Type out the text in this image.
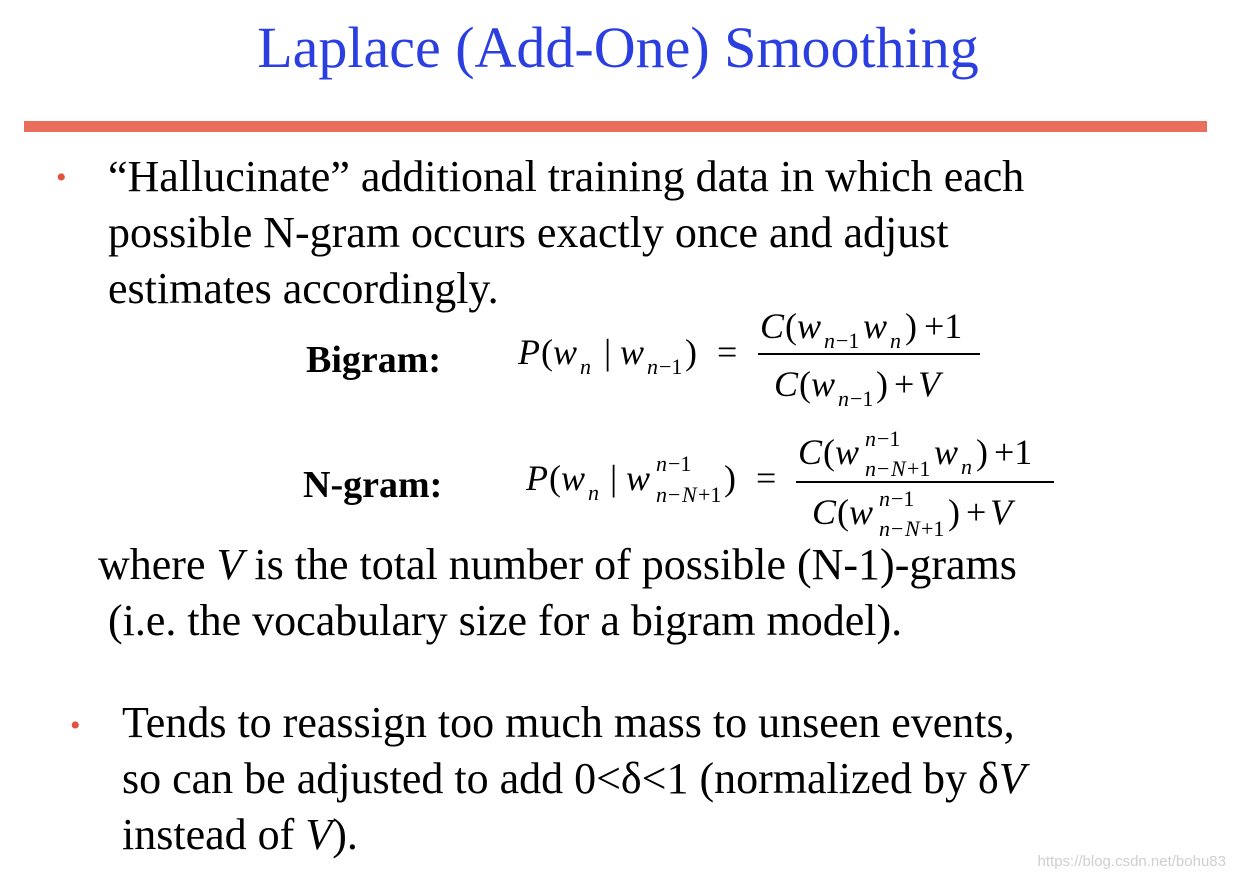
Laplace (Add-One) Smoothing
• “Hallucinate” additional training data in which each
possible N-gram occurs exactly once and adjust
estimates accordingly.
Bigram: P ( w n | w n −1 ) =
C ( w n −1 w n ) +1
C ( w n −1 ) + V
N-gram: P ( w n | w n −1
n − N +1 ) =
C ( w n −1
n − N +1 w n ) +1
C ( w n −1
n − N +1 ) + V
where V is the total number of possible (N-1)-grams
(i.e. the vocabulary size for a bigram model).
• Tends to reassign too much mass to unseen events,
so can be adjusted to add 0<δ<1 (normalized by δV
instead of V).
https://blog.csdn.net/bohu83
